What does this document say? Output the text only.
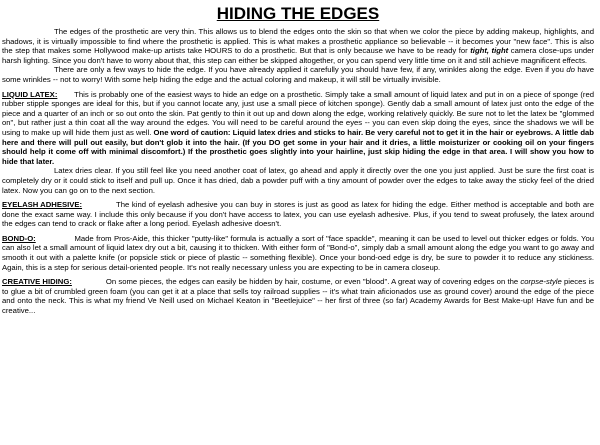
HIDING THE EDGES

The edges of the prosthetic are very thin. This allows us to blend the edges onto the skin so that when we color the piece by adding makeup, highlights, and shadows, it is virtually impossible to find where the prosthetic is applied. This is what makes a prosthetic appliance so believable -- it becomes your "new face". This is also the step that makes some Hollywood make-up artists take HOURS to do a prosthetic. But that is only because we have to be ready for tight, tight camera close-ups under harsh lighting. Since you don't have to worry about that, this step can either be skipped altogether, or you can spend very little time on it and still achieve magnificent effects.

There are only a few ways to hide the edge. If you have already applied it carefully you should have few, if any, wrinkles along the edge. Even if you do have some wrinkles -- not to worry! With some help hiding the edge and the actual coloring and makeup, it will still be virtually invisible.

LIQUID LATEX: This is probably one of the easiest ways to hide an edge on a prosthetic. Simply take a small amount of liquid latex and put in on a piece of sponge (red rubber stipple sponges are ideal for this, but if you cannot locate any, just use a small piece of kitchen sponge). Gently dab a small amount of latex just onto the edge of the piece and a quarter of an inch or so out onto the skin. Pat gently to thin it out up and down along the edge, working relatively quickly. Be sure not to let the latex be "glommed on", but rather just a thin coat all the way around the edges. You will need to be careful around the eyes -- you can even skip doing the eyes, since the shadows we will be using to make up will hide them just as well. One word of caution: Liquid latex dries and sticks to hair. Be very careful not to get it in the hair or eyebrows. A little dab here and there will pull out easily, but don't glob it into the hair. (If you DO get some in your hair and it dries, a little moisturizer or cooking oil on your fingers should help it come off with minimal discomfort.) If the prosthetic goes slightly into your hairline, just skip hiding the edge in that area. I will show you how to hide that later.

Latex dries clear. If you still feel like you need another coat of latex, go ahead and apply it directly over the one you just applied. Just be sure the first coat is completely dry or it could stick to itself and pull up. Once it has dried, dab a powder puff with a tiny amount of powder over the edges to take away the sticky feel of the dried latex. Now you can go on to the next section.

EYELASH ADHESIVE:	The kind of eyelash adhesive you can buy in stores is just as good as latex for hiding the edge. Either method is acceptable and both are done the exact same way. I include this only because if you don't have access to latex, you can use eyelash adhesive. Plus, if you tend to sweat profusely, the latex around the edges can tend to crack or flake after a long period. Eyelash adhesive doesn't.

BOND-O:	Made from Pros-Aide, this thicker "putty-like" formula is actually a sort of "face spackle", meaning it can be used to level out thicker edges or folds. You can also let a small amount of liquid latex dry out a bit, causing it to thicken. With either form of "Bond-o", simply dab a small amount along the edge you want to go away and smooth it out with a palette knife (or popsicle stick or piece of plastic -- something flexible). Once your bond-oed edge is dry, be sure to powder it to reduce any stickiness. Again, this is a step for serious detail-oriented people. It's not really necessary unless you are expecting to be in camera closeup.

CREATIVE HIDING:	On some pieces, the edges can easily be hidden by hair, costume, or even "blood". A great way of covering edges on the corpse-style pieces is to glue a bit of crumbled green foam (you can get it at a place that sells toy railroad supplies -- it's what train aficionados use as ground cover) around the edge of the piece and onto the neck. This is what my friend Ve Neill used on Michael Keaton in "Beetlejuice" -- her first of three (so far) Academy Awards for Best Make-up! Have fun and be creative...
